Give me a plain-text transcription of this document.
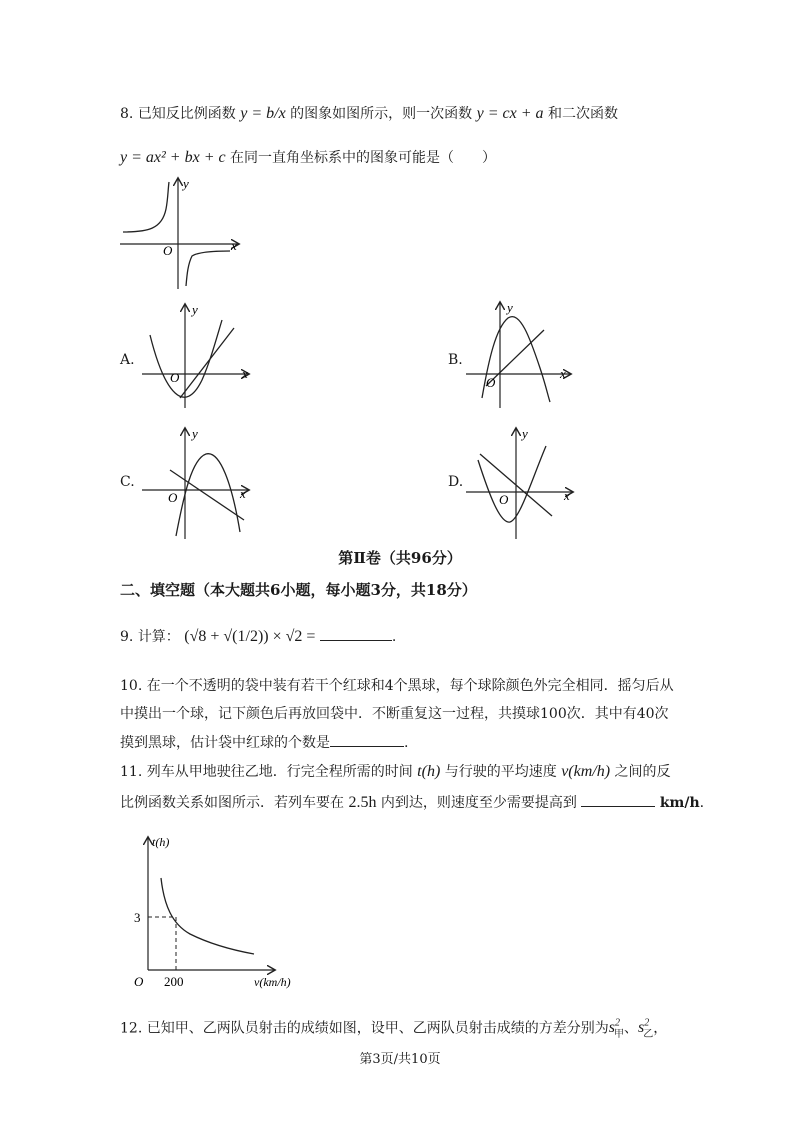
8. 已知反比例函数 y = b/x 的图象如图所示，则一次函数 y = cx + a 和二次函数
y = ax² + bx + c 在同一直角坐标系中的图象可能是（　　）
O	x
y
A.
O	x
y
B.
O
x
y
C.
O	x
y
D.
O	x
y
第Ⅱ卷（共96分）
二、填空题（本大题共6小题，每小题3分，共18分）
9. 计算： (√8 + √(1/2)) × √2 =	.
10. 在一个不透明的袋中装有若干个红球和4个黑球，每个球除颜色外完全相同．摇匀后从
中摸出一个球，记下颜色后再放回袋中．不断重复这一过程，共摸球100次．其中有40次
摸到黑球，估计袋中红球的个数是	.
11. 列车从甲地驶往乙地．行完全程所需的时间 t(h) 与行驶的平均速度 v(km/h) 之间的反
比例函数关系如图所示．若列车要在 2.5h 内到达，则速度至少需要提高到	km/h.
t(h)
v(km/h)
O
3
200
12. 已知甲、乙两队员射击的成绩如图，设甲、乙两队员射击成绩的方差分别为$s^2_甲$、$s^2_乙$，
第3页/共10页
